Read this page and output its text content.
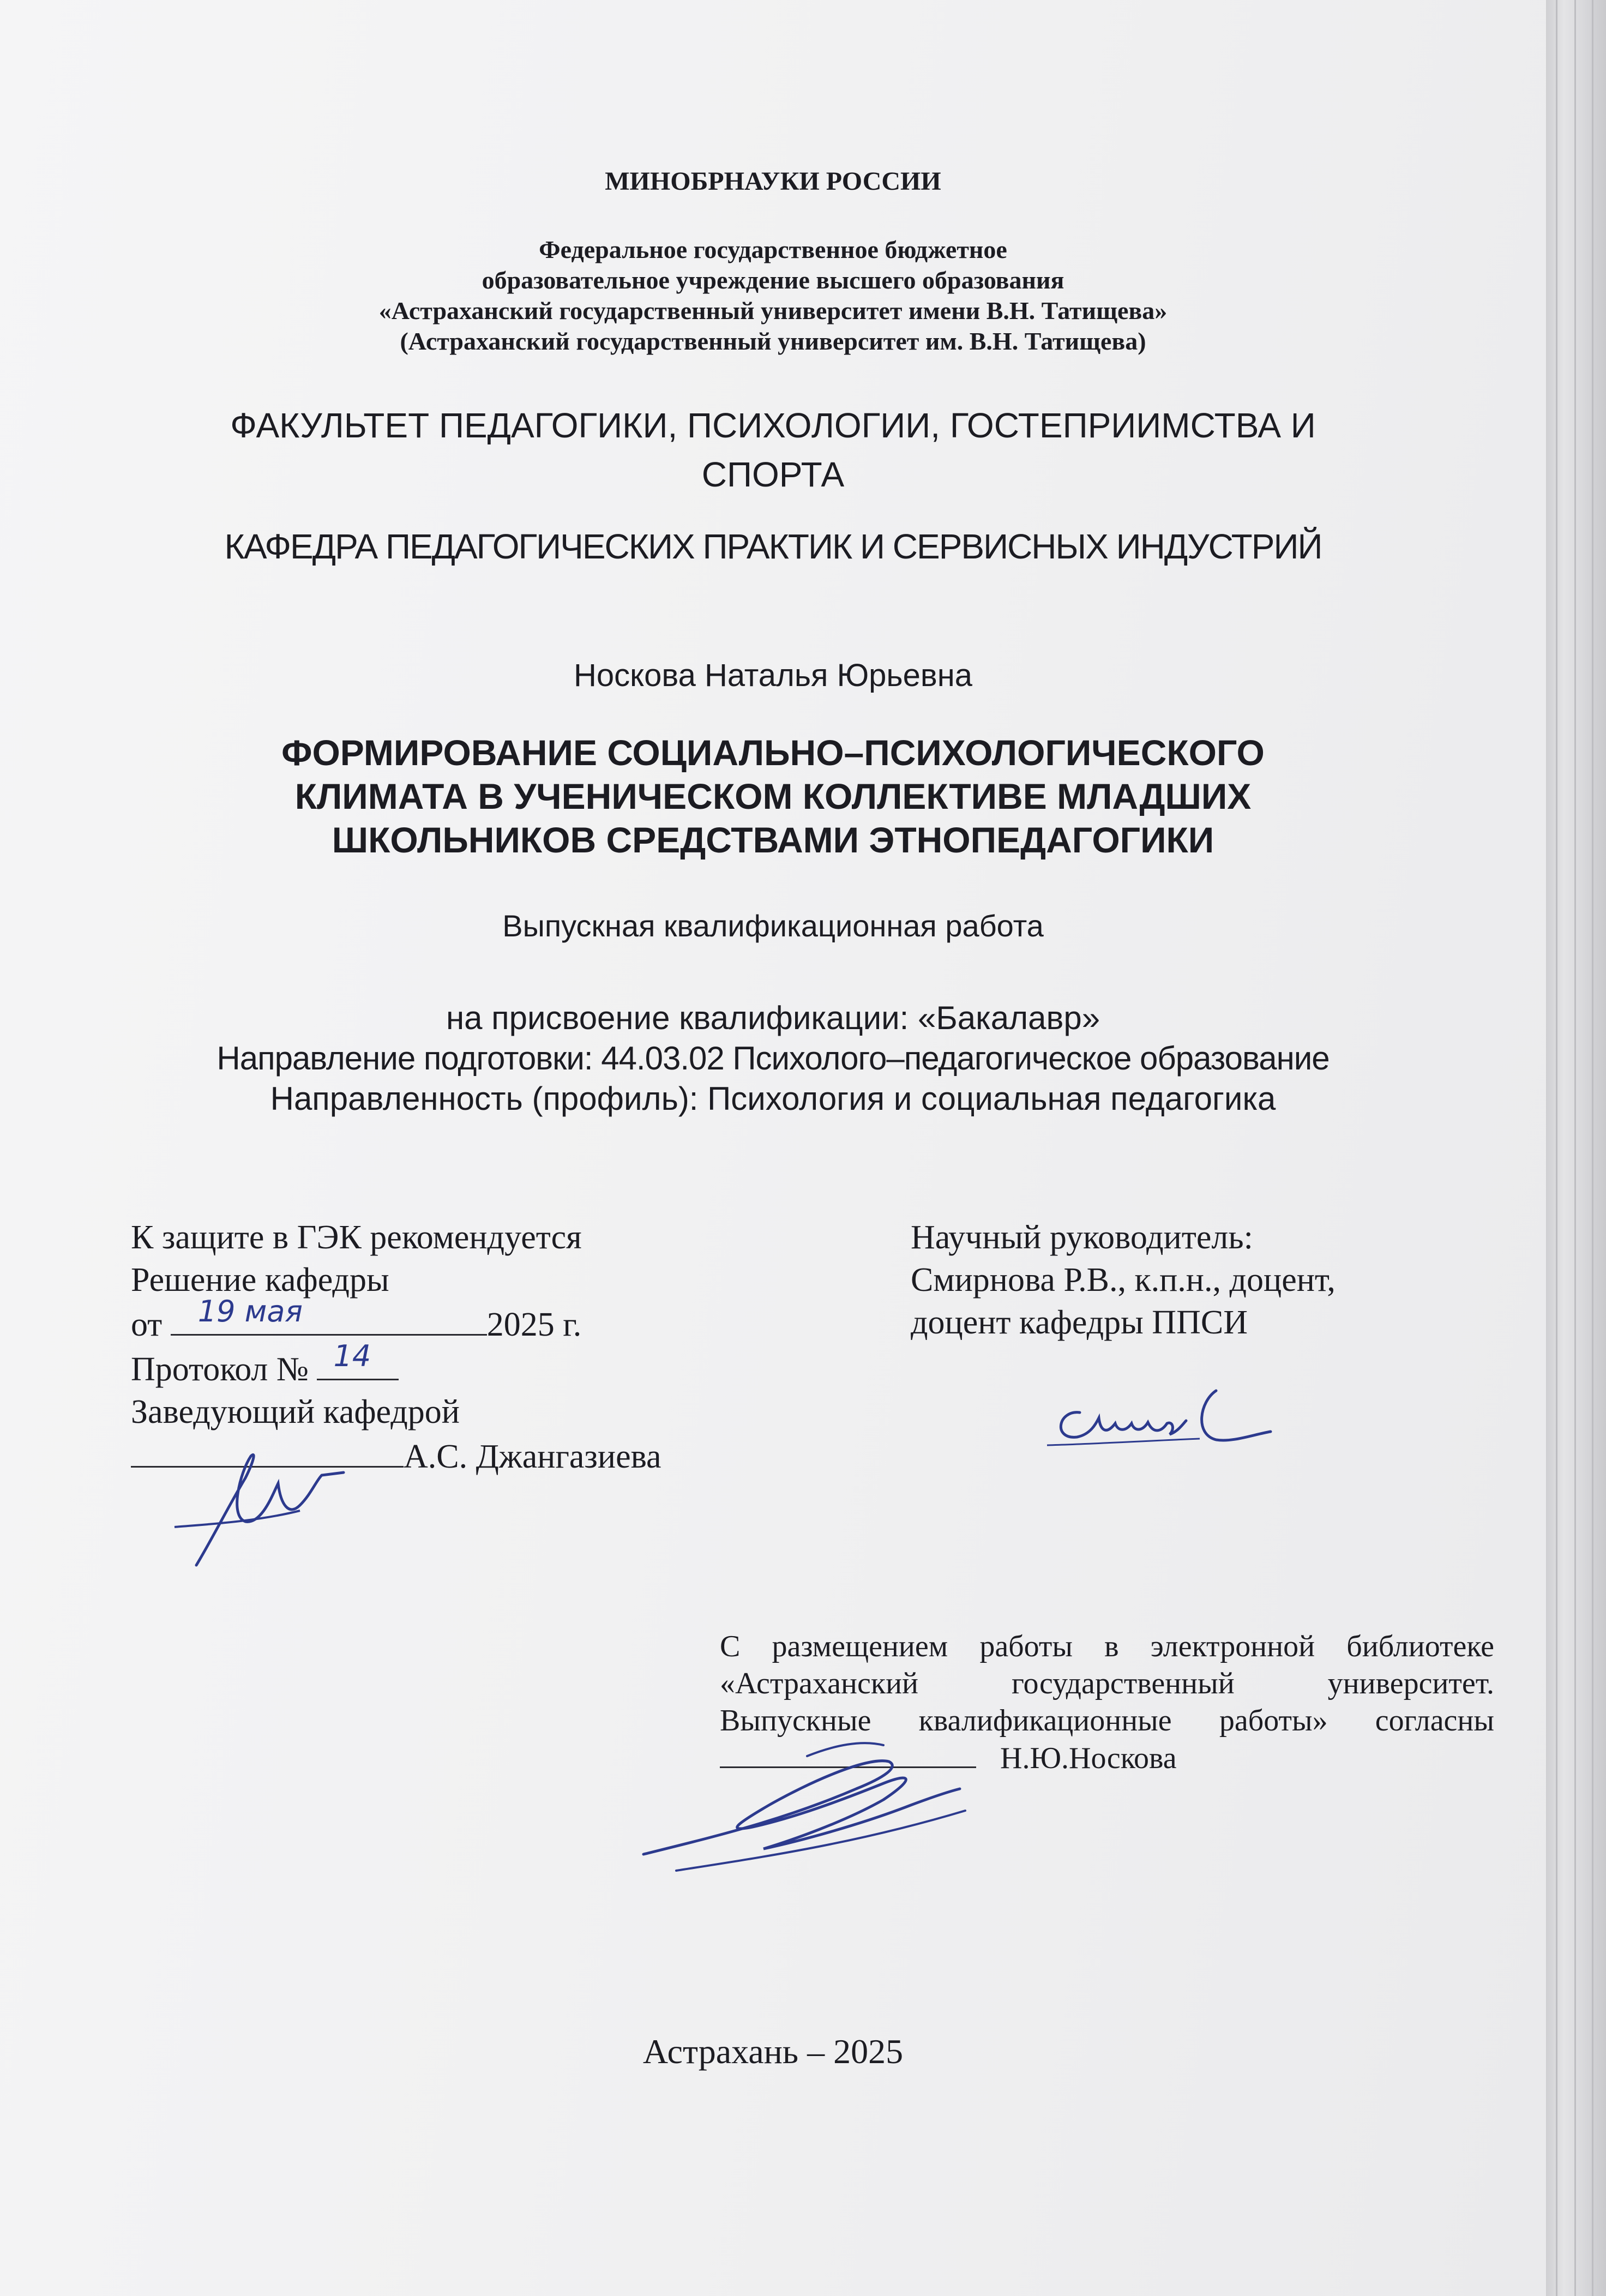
МИНОБРНАУКИ РОССИИ
Федеральное государственное бюджетное
образовательное учреждение высшего образования
«Астраханский государственный университет имени В.Н. Татищева»
(Астраханский государственный университет им. В.Н. Татищева)
ФАКУЛЬТЕТ ПЕДАГОГИКИ, ПСИХОЛОГИИ, ГОСТЕПРИИМСТВА И
СПОРТА
КАФЕДРА ПЕДАГОГИЧЕСКИХ ПРАКТИК И СЕРВИСНЫХ ИНДУСТРИЙ
Носкова Наталья Юрьевна
ФОРМИРОВАНИЕ СОЦИАЛЬНО–ПСИХОЛОГИЧЕСКОГО
КЛИМАТА В УЧЕНИЧЕСКОМ КОЛЛЕКТИВЕ МЛАДШИХ
ШКОЛЬНИКОВ СРЕДСТВАМИ ЭТНОПЕДАГОГИКИ
Выпускная квалификационная работа
на присвоение квалификации: «Бакалавр»
Направление подготовки: 44.03.02 Психолого–педагогическое образование
Направленность (профиль): Психология и социальная педагогика
К защите в ГЭК рекомендуется
Решение кафедры
от 19 мая	2025 г.
Протокол № 14
Заведующий кафедрой
А.С. Джангазиева
Научный руководитель:
Смирнова Р.В., к.п.н., доцент,
доцент кафедры ППСИ
С размещением работы в электронной библиотеке
«Астраханский государственный университет.
Выпускные квалификационные работы» согласны
Н.Ю.Носкова
Астрахань – 2025
